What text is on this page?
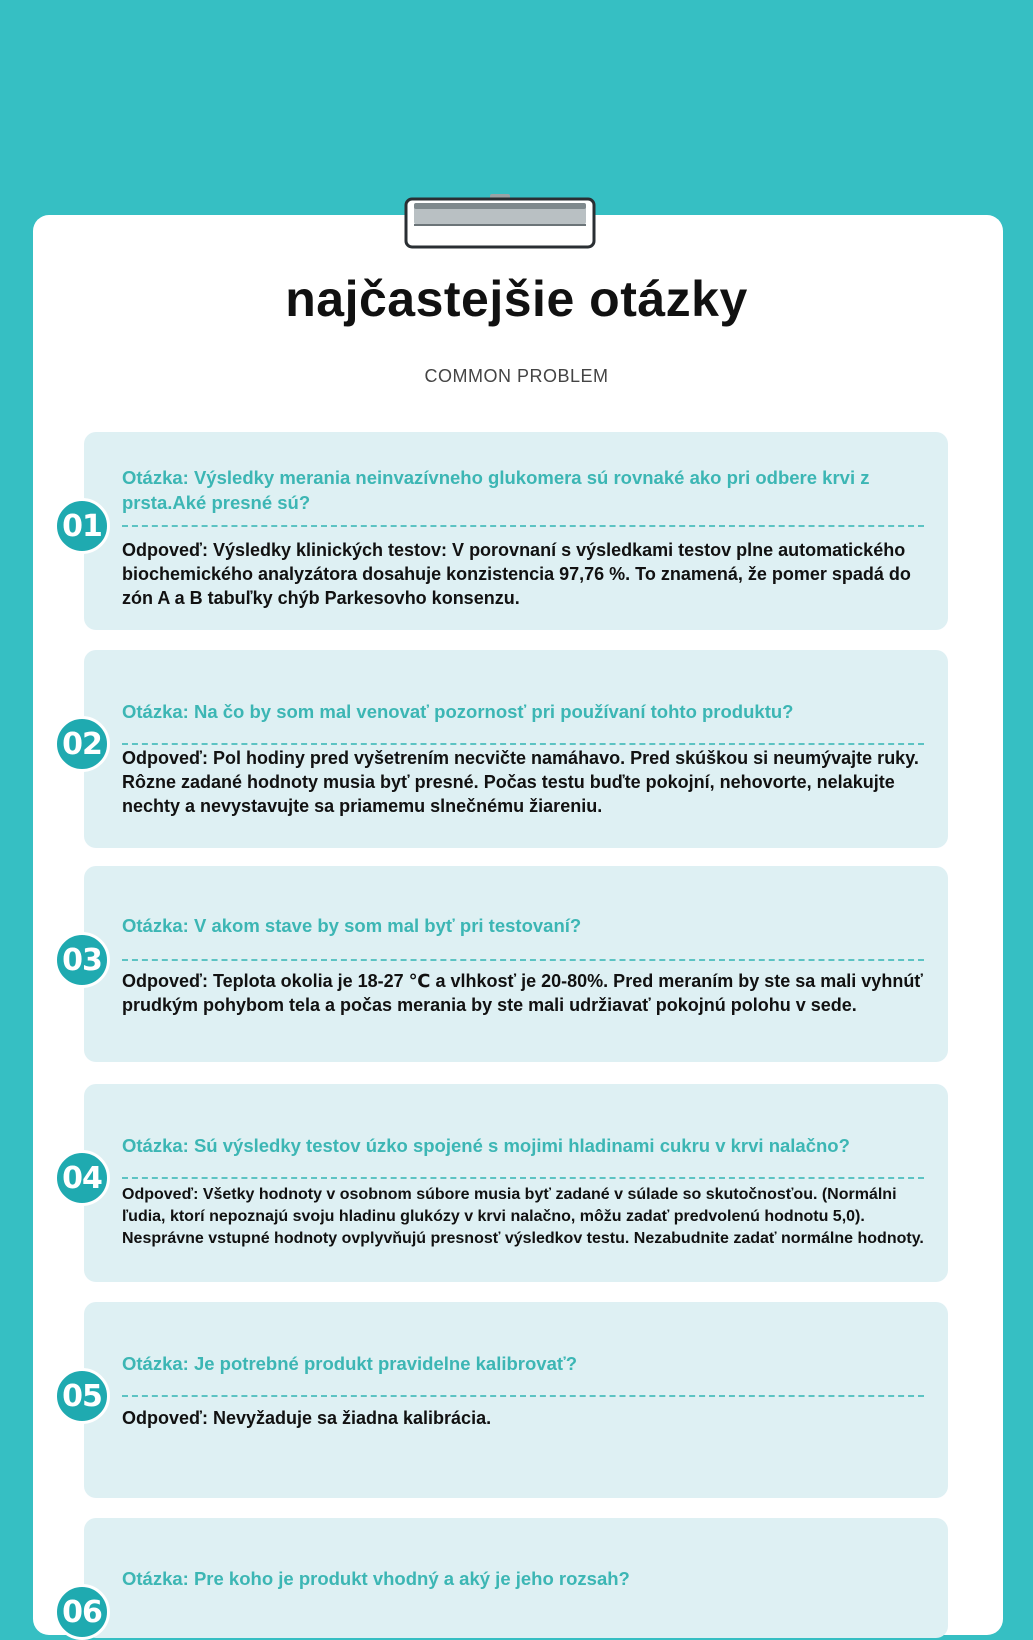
najčastejšie otázky
COMMON PROBLEM
01
Otázka: Výsledky merania neinvazívneho glukomera sú rovnaké ako pri odbere krvi z prsta.Aké presné sú?
Odpoveď: Výsledky klinických testov: V porovnaní s výsledkami testov plne automatického biochemického analyzátora dosahuje konzistencia 97,76 %. To znamená, že pomer spadá do zón A a B tabuľky chýb Parkesovho konsenzu.
02
Otázka: Na čo by som mal venovať pozornosť pri používaní tohto produktu?
Odpoveď: Pol hodiny pred vyšetrením necvičte namáhavo. Pred skúškou si neumývajte ruky. Rôzne zadané hodnoty musia byť presné. Počas testu buďte pokojní, nehovorte, nelakujte nechty a nevystavujte sa priamemu slnečnému žiareniu.
03
Otázka: V akom stave by som mal byť pri testovaní?
Odpoveď: Teplota okolia je 18-27 ℃ a vlhkosť je 20-80%. Pred meraním by ste sa mali vyhnúť prudkým pohybom tela a počas merania by ste mali udržiavať pokojnú polohu v sede.
04
Otázka: Sú výsledky testov úzko spojené s mojimi hladinami cukru v krvi nalačno?
Odpoveď: Všetky hodnoty v osobnom súbore musia byť zadané v súlade so skutočnosťou. (Normálni ľudia, ktorí nepoznajú svoju hladinu glukózy v krvi nalačno, môžu zadať predvolenú hodnotu 5,0). Nesprávne vstupné hodnoty ovplyvňujú presnosť výsledkov testu. Nezabudnite zadať normálne hodnoty.
05
Otázka: Je potrebné produkt pravidelne kalibrovať?
Odpoveď: Nevyžaduje sa žiadna kalibrácia.
06
Otázka: Pre koho je produkt vhodný a aký je jeho rozsah?
